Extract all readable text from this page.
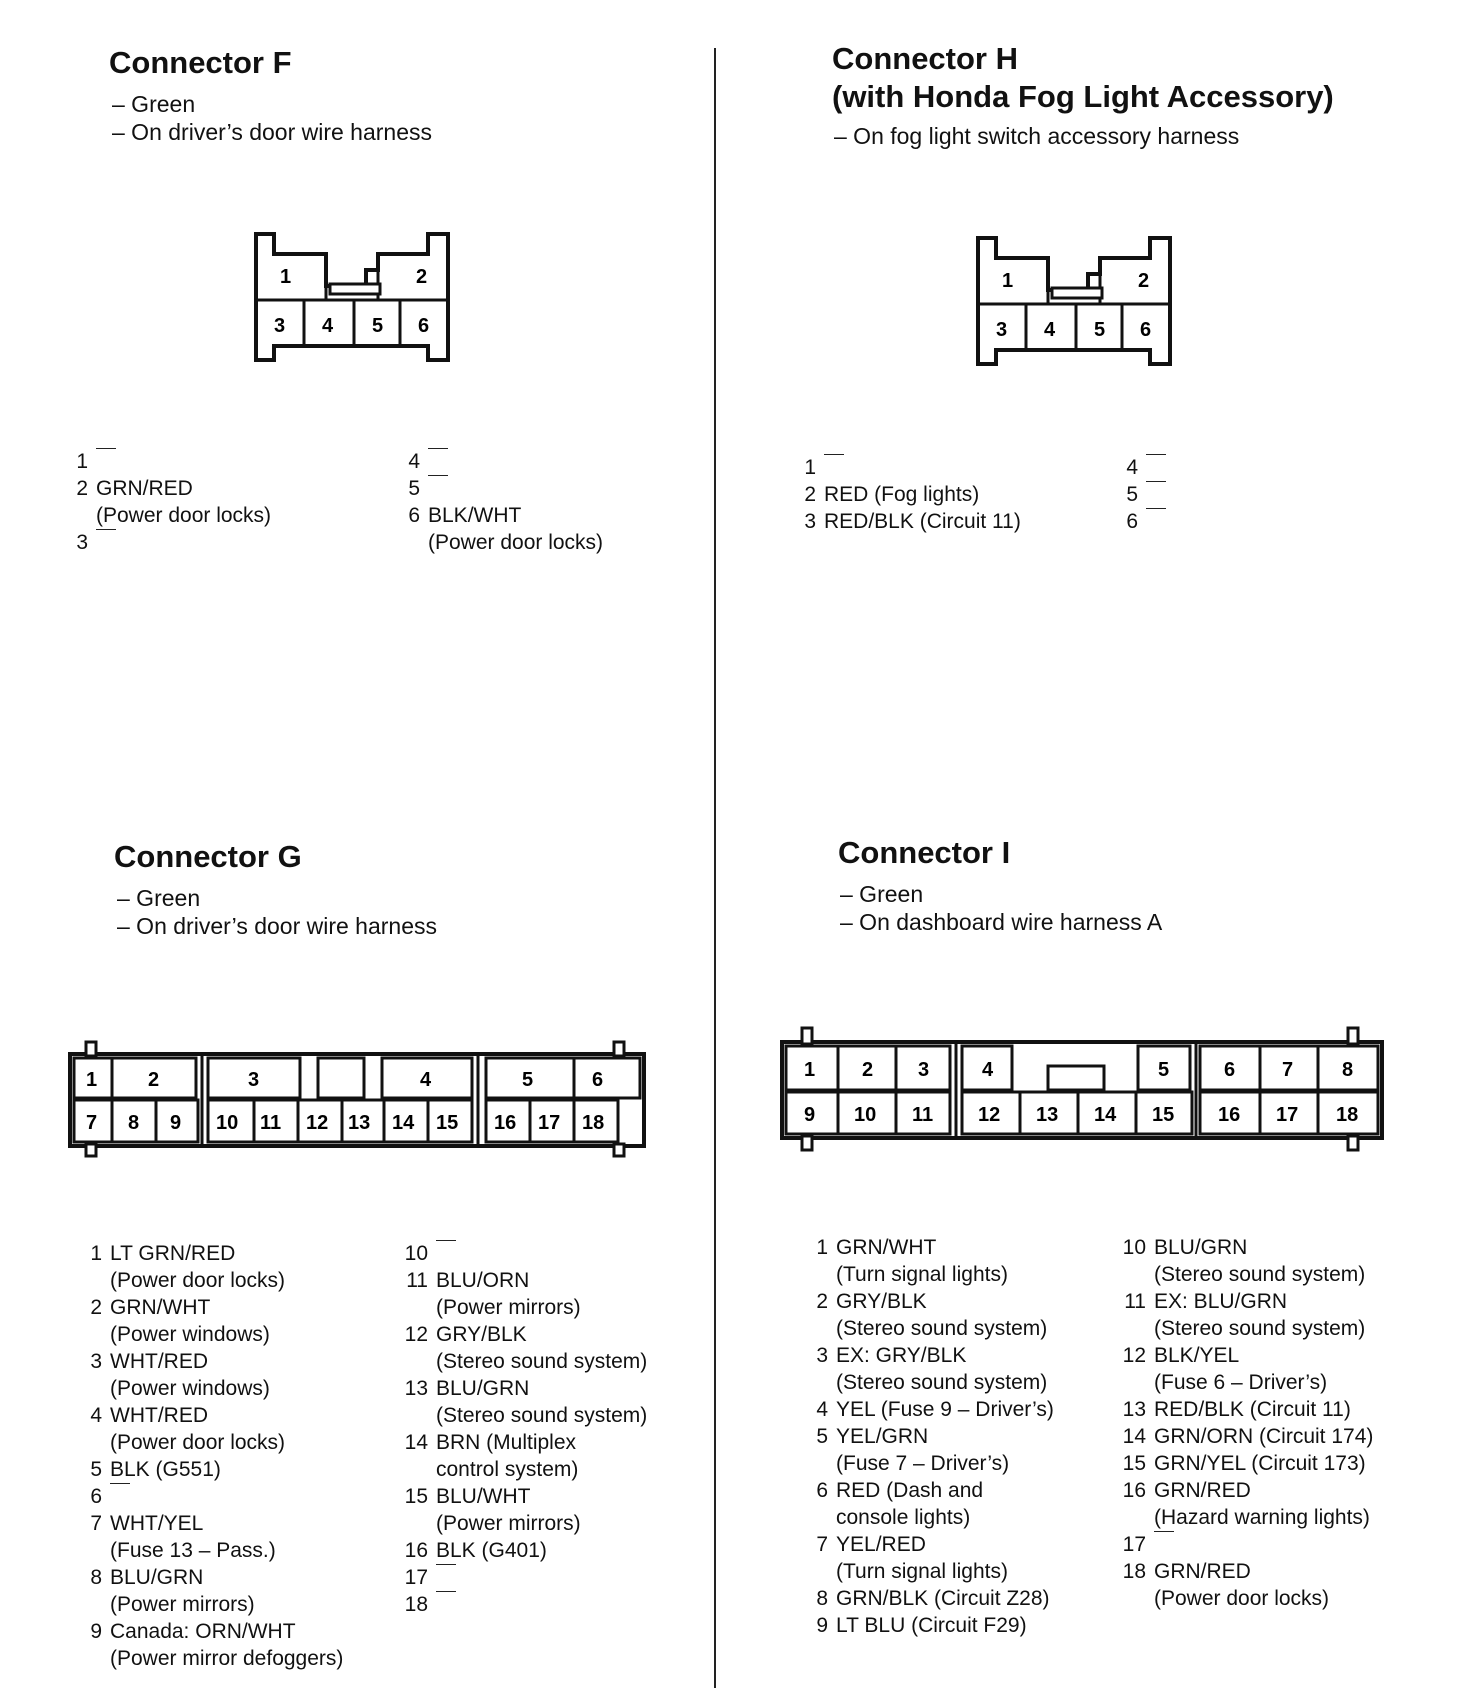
Connector F

– Green

– On driver’s door wire harness

1	2
3 4 5 6
1
2 GRN/RED
(Power door locks)
3
4
5
6 BLK/WHT
(Power door locks)
Connector H
(with Honda Fog Light Accessory)

– On fog light switch accessory harness

1	2
3 4 5 6
1
2 RED (Fog lights)
3 RED/BLK (Circuit 11)
4
5
6
Connector G

– Green

– On driver’s door wire harness

1	2	3	4	5	6
7 8 9 10 11 12 13 14 15 16 17 18
1 LT GRN/RED
(Power door locks)
2 GRN/WHT
(Power windows)
3 WHT/RED
(Power windows)
4 WHT/RED
(Power door locks)
5 BLK (G551)
6
7 WHT/YEL
(Fuse 13 – Pass.)
8 BLU/GRN
(Power mirrors)
9 Canada: ORN/WHT
(Power mirror defoggers)
10
11 BLU/ORN
(Power mirrors)
12 GRY/BLK
(Stereo sound system)
13 BLU/GRN
(Stereo sound system)
14 BRN (Multiplex
control system)
15 BLU/WHT
(Power mirrors)
16 BLK (G401)
17
18
Connector I

– Green

– On dashboard wire harness A

1 2 3	4	5	6 7 8
9 10 11 12 13 14 15 16 17 18
1 GRN/WHT
(Turn signal lights)
2 GRY/BLK
(Stereo sound system)
3 EX: GRY/BLK
(Stereo sound system)
4 YEL (Fuse 9 – Driver’s)
5 YEL/GRN
(Fuse 7 – Driver’s)
6 RED (Dash and
console lights)
7 YEL/RED
(Turn signal lights)
8 GRN/BLK (Circuit Z28)
9 LT BLU (Circuit F29)
10 BLU/GRN
(Stereo sound system)
11 EX: BLU/GRN
(Stereo sound system)
12 BLK/YEL
(Fuse 6 – Driver’s)
13 RED/BLK (Circuit 11)
14 GRN/ORN (Circuit 174)
15 GRN/YEL (Circuit 173)
16 GRN/RED
(Hazard warning lights)
17
18 GRN/RED
(Power door locks)
